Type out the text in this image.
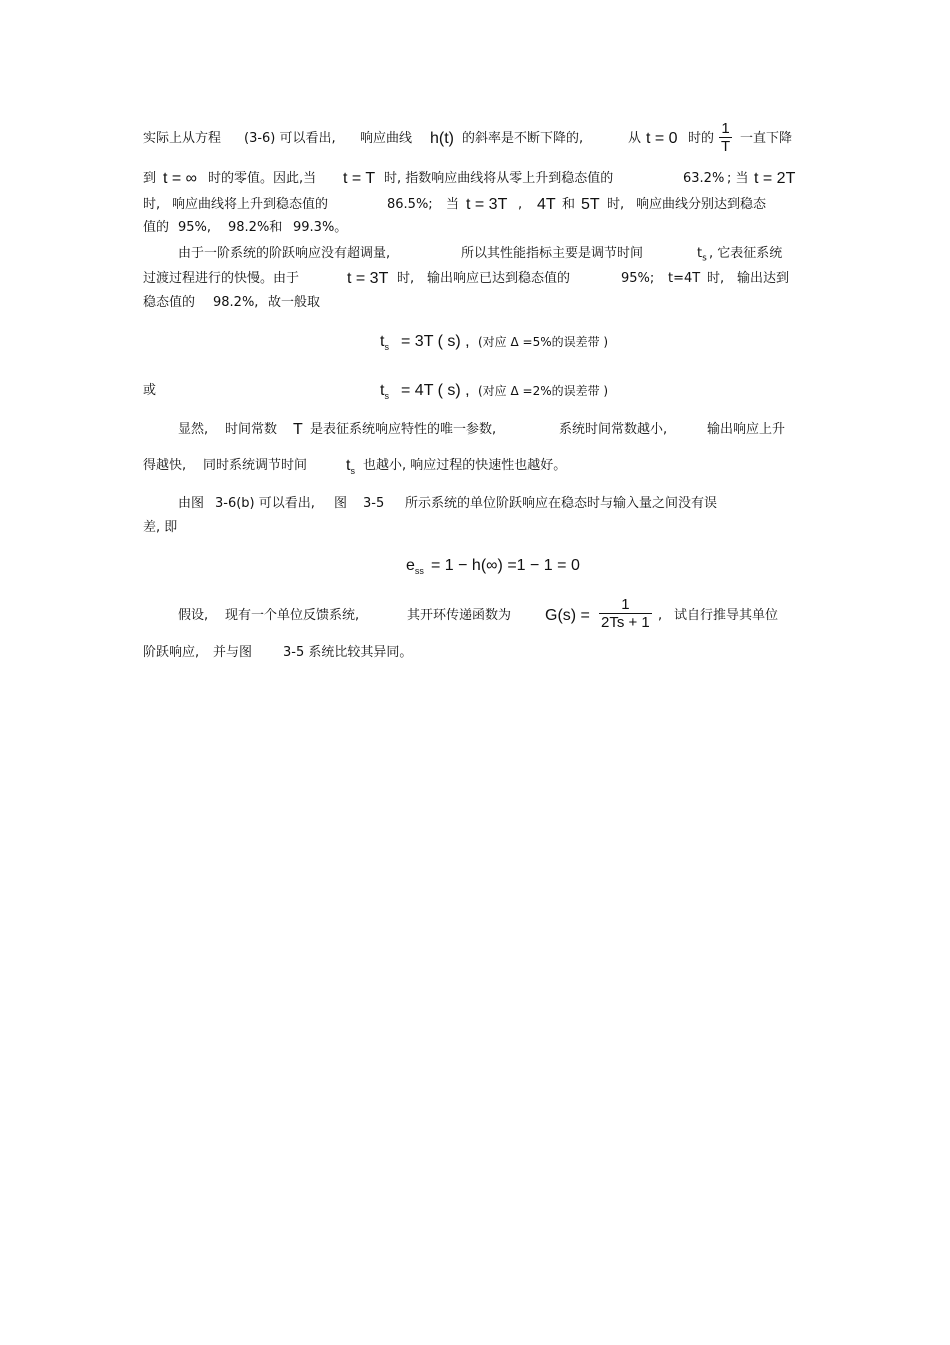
实际上从方程 (3-6) 可以看出, 响应曲线 h(t) 的斜率是不断下降的,	从 t = 0 时的 一直下降
1
T
到 t = ∞ 时的零值。因此,当 t = T 时, 指数响应曲线将从零上升到稳态值的	63.2% ; 当 t = 2T
时, 响应曲线将上升到稳态值的	86.5%; 当 t = 3T , 4T 和 5T 时, 响应曲线分别达到稳态
值的 95%, 98.2%和 99.3%。
由于一阶系统的阶跃响应没有超调量,	所以其性能指标主要是调节时间	$t_s$ , 它表征系统
过渡过程进行的快慢。由于	t = 3T 时, 输出响应已达到稳态值的	95%; t=4T 时, 输出达到
稳态值的 98.2%, 故一般取
$t_s = 3T$ ( s) , (对应 Δ =5%的误差带 )
或	$t_s = 4T$ ( s) , (对应 Δ =2%的误差带 )
显然, 时间常数 T 是表征系统响应特性的唯一参数,	系统时间常数越小,	输出响应上升
得越快, 同时系统调节时间 $t_s$ 也越小, 响应过程的快速性也越好。
由图 3-6(b) 可以看出, 图 3-5 所示系统的单位阶跃响应在稳态时与输入量之间没有误
差, 即
$e_{ss} = 1 - h(\infty) =1 - 1 = 0$
假设, 现有一个单位反馈系统,	其开环传递函数为 G(s) =	, 试自行推导其单位
1
2Ts + 1
阶跃响应, 并与图 3-5 系统比较其异同。
